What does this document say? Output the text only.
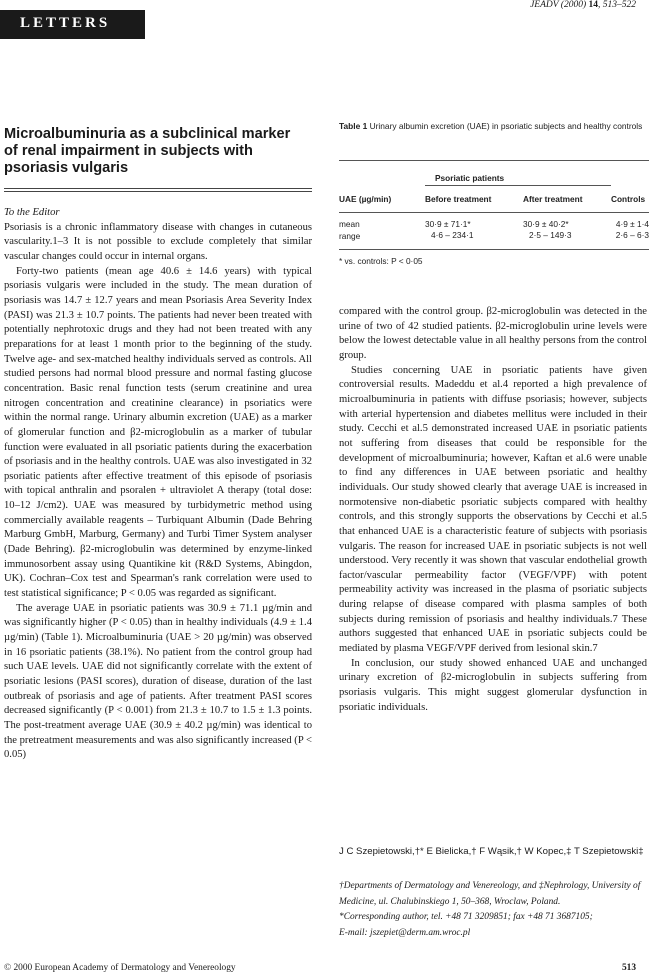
JEADV (2000) 14, 513–522
LETTERS
Microalbuminuria as a subclinical marker of renal impairment in subjects with psoriasis vulgaris

To the Editor

Psoriasis is a chronic inflammatory disease with changes in cutaneous vascularity.1–3 It is not possible to exclude completely that similar vascular changes could occur in internal organs.

Forty-two patients (mean age 40.6 ± 14.6 years) with typical psoriasis vulgaris were included in the study. The mean duration of psoriasis was 14.7 ± 12.7 years and mean Psoriasis Area Severity Index (PASI) was 21.3 ± 10.7 points. The patients had never been treated with potentially nephrotoxic drugs and they had not been treated with any preparations for at least 1 month prior to the beginning of the study. Twelve age- and sex-matched healthy individuals served as controls. All studied persons had normal blood pressure and normal fasting glucose concentration. Basic renal function tests (serum creatinine and urea nitrogen concentration and creatinine clearance) in psoriatics were within the normal range. Urinary albumin excretion (UAE) as a marker of glomerular function and β2-microglobulin as a marker of tubular function were evaluated in all psoriatic patients during the exacerbation of psoriasis and in the healthy controls. UAE was also investigated in 32 psoriatic patients after effective treatment of this episode of psoriasis with topical anthralin and psoralen + ultraviolet A therapy (total dose: 10–12 J/cm2). UAE was measured by turbidymetric method using commercially available reagents – Turbiquant Albumin (Dade Behring Marburg GmbH, Marburg, Germany) and Turbi Timer System analyser (Dade Behring). β2-microglobulin was determined by enzyme-linked immunosorbent assay using Quantikine kit (R&D Systems, Abingdon, UK). Cochran–Cox test and Spearman's rank correlation were used to test statistical significance; P < 0.05 was regarded as significant.

The average UAE in psoriatic patients was 30.9 ± 71.1 µg/min and was significantly higher (P < 0.05) than in healthy individuals (4.9 ± 1.4 µg/min) (Table 1). Microalbuminuria (UAE > 20 µg/min) was observed in 16 psoriatic patients (38.1%). No patient from the control group had such UAE levels. UAE did not significantly correlate with the extent of psoriatic lesions (PASI scores), duration of disease, duration of the last outbreak of psoriasis and age of patients. After treatment PASI scores decreased significantly (P < 0.001) from 21.3 ± 10.7 to 1.5 ± 1.3 points. The post-treatment average UAE (30.9 ± 40.2 µg/min) was identical to the pretreatment measurements and was also significantly increased (P < 0.05)

Table 1 Urinary albumin excretion (UAE) in psoriatic subjects and healthy controls

	Psoriatic patients		

UAE (µg/min)	Before treatment	After treatment	Controls

mean	30·9 ± 71·1*	30·9 ± 40·2*	4·9 ± 1·4
range	4·6 – 234·1	2·5 – 149·3	2·6 – 6·3

* vs. controls: P < 0·05

compared with the control group. β2-microglobulin was detected in the urine of two of 42 studied patients. β2-microglobulin urine levels were below the lowest detectable value in all healthy persons from the control group.

Studies concerning UAE in psoriatic patients have given controversial results. Madeddu et al.4 reported a high prevalence of microalbuminuria in patients with diffuse psoriasis; however, subjects with arterial hypertension and diabetes mellitus were included in their study. Cecchi et al.5 demonstrated increased UAE in psoriatic patients not suffering from diseases that could be responsible for the development of microalbuminuria; however, Kaftan et al.6 were unable to find any differences in UAE between psoriatic and healthy individuals. Our study showed clearly that average UAE is increased in normotensive non-diabetic psoriatic subjects compared with healthy controls, and this strongly supports the observations by Cecchi et al.5 that enhanced UAE is a characteristic feature of subjects with psoriasis vulgaris. The reason for increased UAE in psoriatic subjects is not well understood. Very recently it was shown that vascular endothelial growth factor/vascular permeability factor (VEGF/VPF) with potent permeability activity was increased in the plasma of psoriatic subjects during relapse of disease compared with plasma samples of both subjects during remission of psoriasis and healthy individuals.7 These authors suggested that enhanced UAE in psoriatic subjects could be mediated by plasma VEGF/VPF derived from lesional skin.7

In conclusion, our study showed enhanced UAE and unchanged urinary excretion of β2-microglobulin in subjects suffering from psoriasis vulgaris. This might suggest glomerular dysfunction in psoriatic individuals.

J C Szepietowski,†* E Bielicka,† F Wąsik,† W Kopec,‡ T Szepietowski‡

†Departments of Dermatology and Venereology, and ‡Nephrology, University of Medicine, ul. Chalubinskiego 1, 50–368, Wroclaw, Poland.

*Corresponding author, tel. +48 71 3209851; fax +48 71 3687105;

E-mail: jszepiet@derm.am.wroc.pl

© 2000 European Academy of Dermatology and Venereology	513
